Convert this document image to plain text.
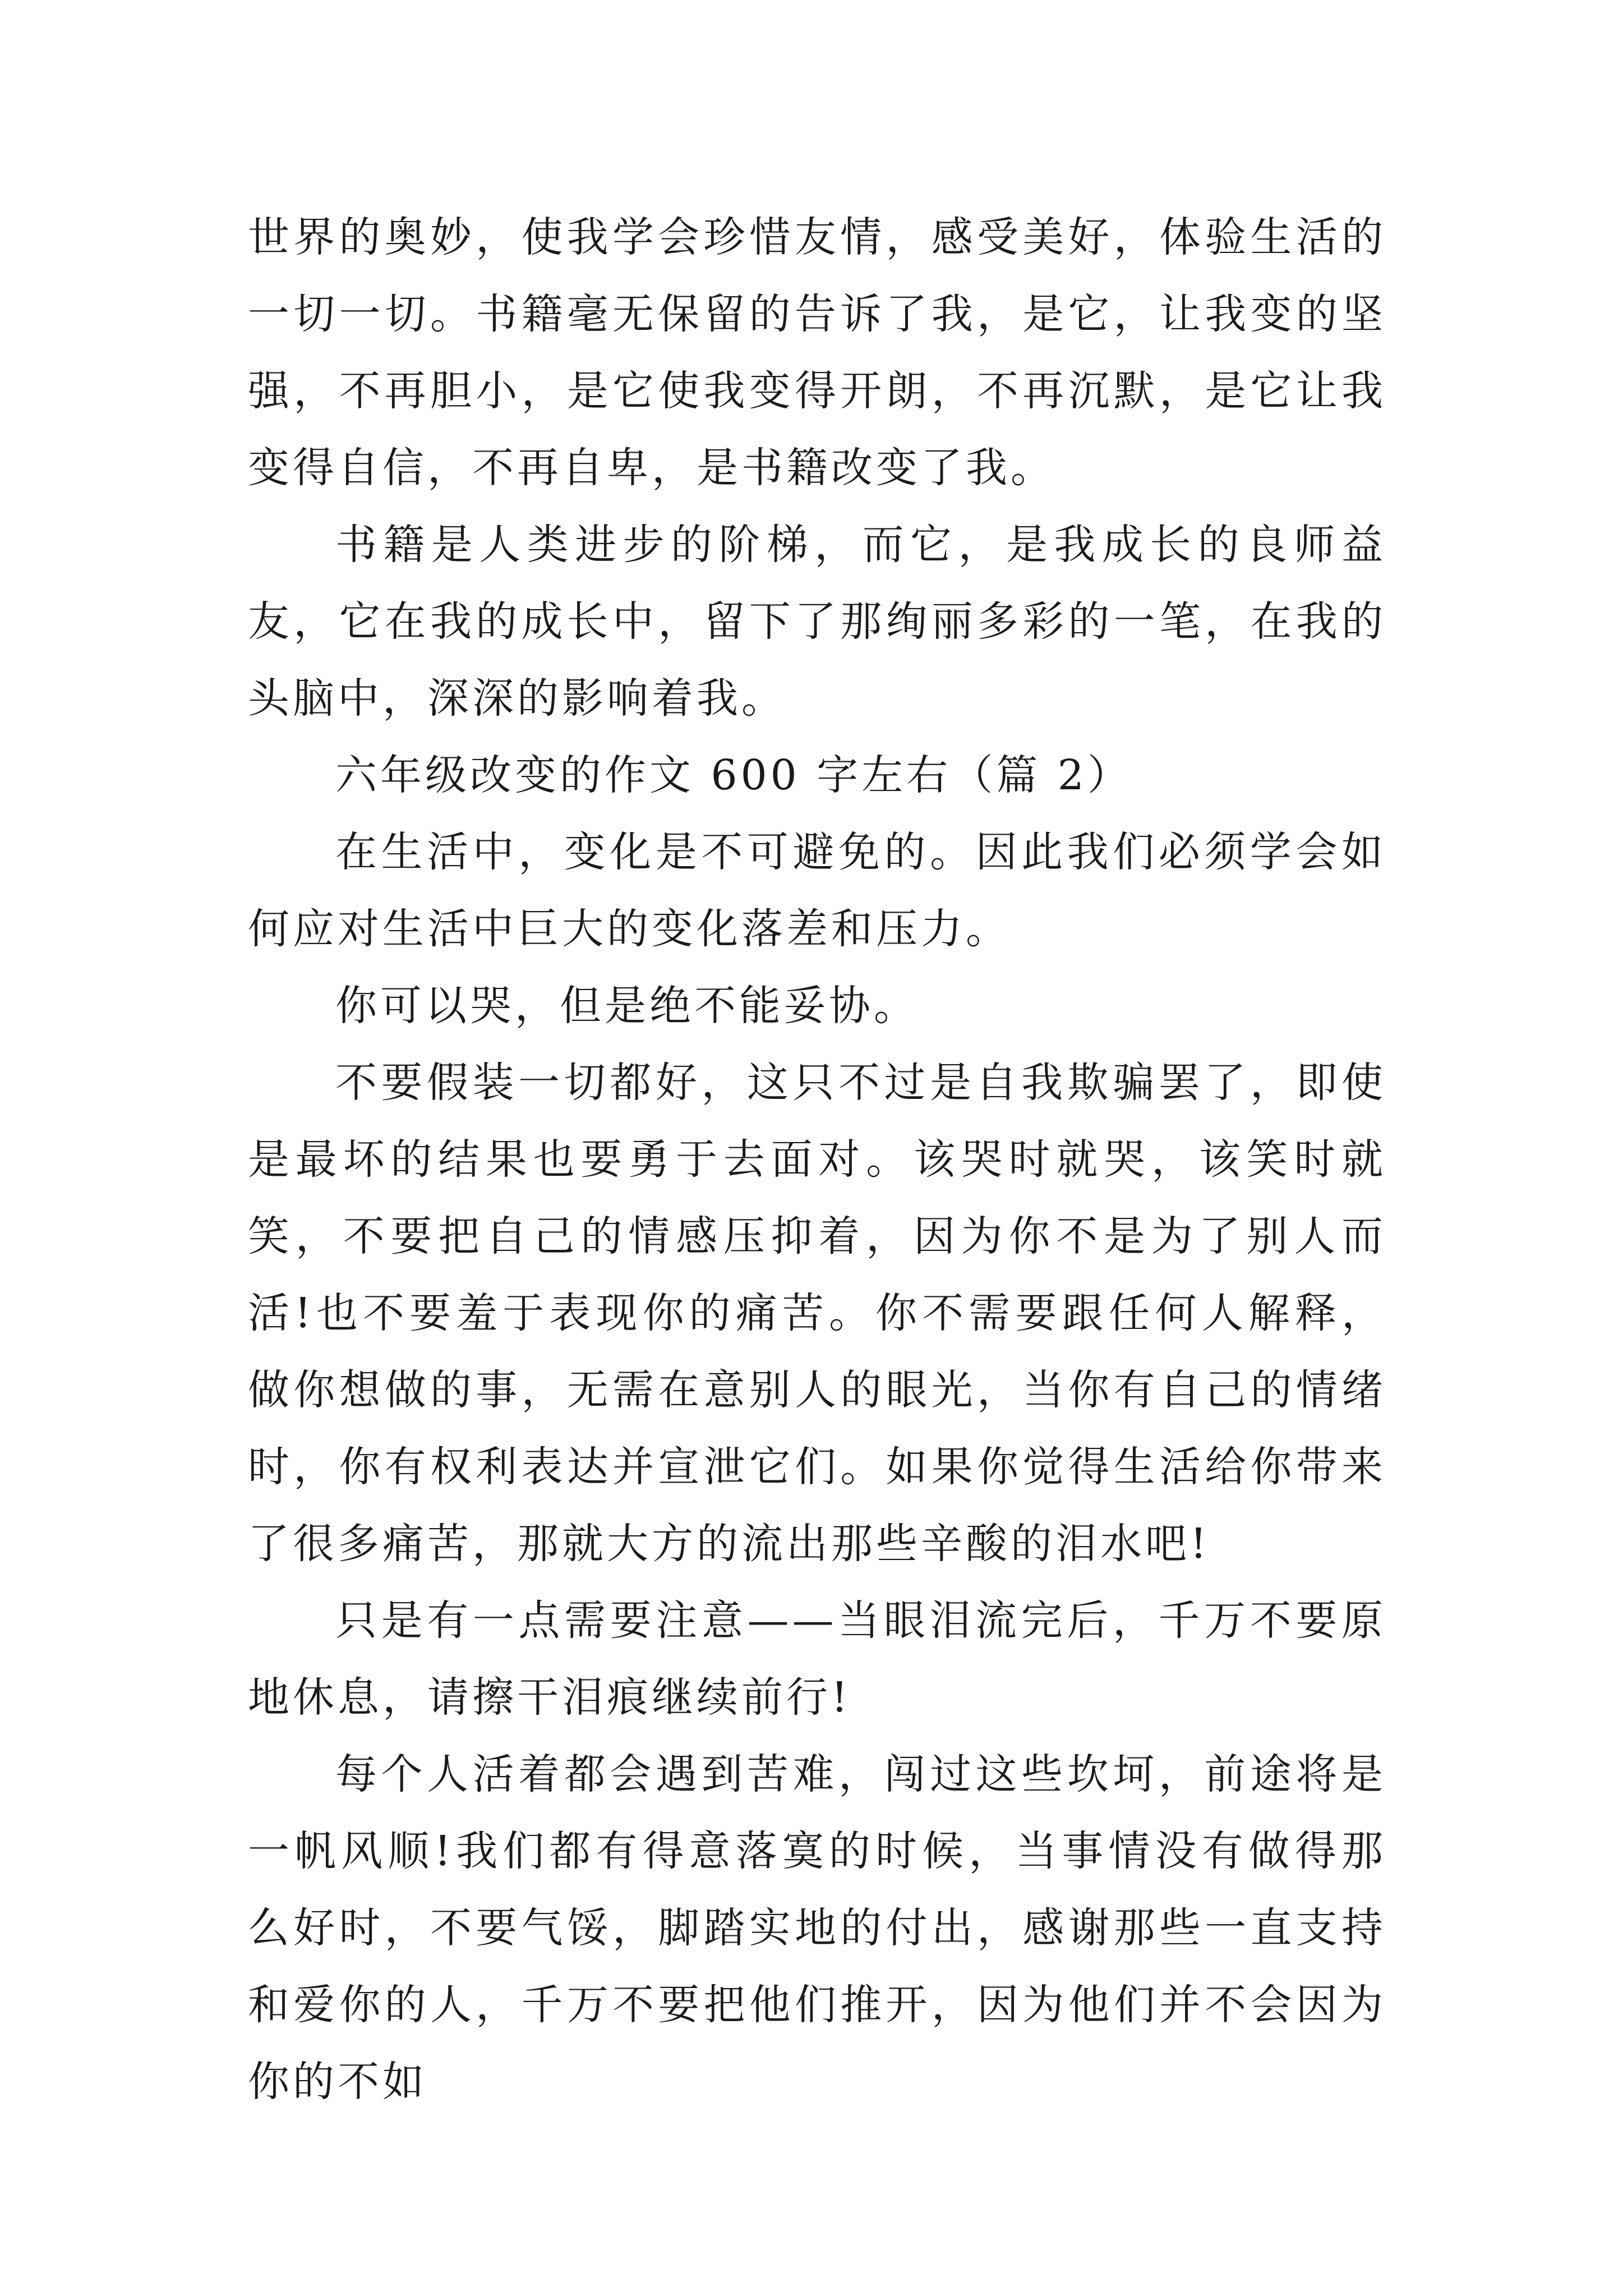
世界的奥妙，使我学会珍惜友情，感受美好，体验生活的一切一切。书籍毫无保留的告诉了我，是它，让我变的坚强，不再胆小，是它使我变得开朗，不再沉默，是它让我变得自信，不再自卑，是书籍改变了我。

书籍是人类进步的阶梯，而它，是我成长的良师益友，它在我的成长中，留下了那绚丽多彩的一笔，在我的头脑中，深深的影响着我。

六年级改变的作文 600 字左右（篇 2）

在生活中，变化是不可避免的。因此我们必须学会如何应对生活中巨大的变化落差和压力。

你可以哭，但是绝不能妥协。

不要假装一切都好，这只不过是自我欺骗罢了，即使是最坏的结果也要勇于去面对。该哭时就哭，该笑时就笑，不要把自己的情感压抑着，因为你不是为了别人而活!也不要羞于表现你的痛苦。你不需要跟任何人解释，做你想做的事，无需在意别人的眼光，当你有自己的情绪时，你有权利表达并宣泄它们。如果你觉得生活给你带来了很多痛苦，那就大方的流出那些辛酸的泪水吧!

只是有一点需要注意——当眼泪流完后，千万不要原地休息，请擦干泪痕继续前行!

每个人活着都会遇到苦难，闯过这些坎坷，前途将是一帆风顺!我们都有得意落寞的时候，当事情没有做得那么好时，不要气馁，脚踏实地的付出，感谢那些一直支持和爱你的人，千万不要把他们推开，因为他们并不会因为你的不如
